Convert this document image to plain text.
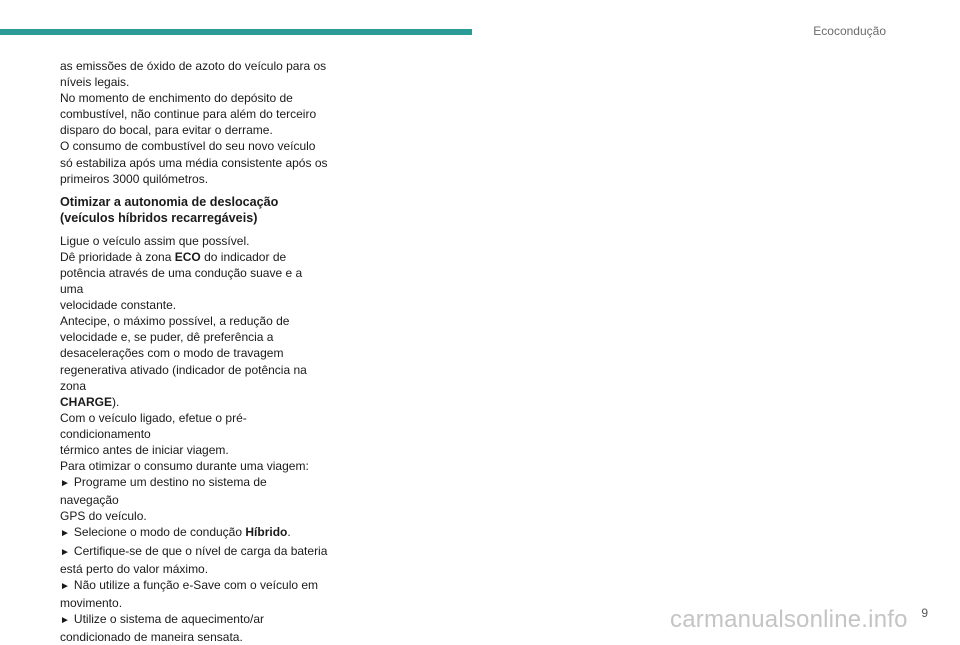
Ecocondução

as emissões de óxido de azoto do veículo para os
níveis legais.
No momento de enchimento do depósito de
combustível, não continue para além do terceiro
disparo do bocal, para evitar o derrame.
O consumo de combustível do seu novo veículo
só estabiliza após uma média consistente após os
primeiros 3000 quilómetros.

Otimizar a autonomia de deslocação
(veículos híbridos recarregáveis)

Ligue o veículo assim que possível.
Dê prioridade à zona ECO do indicador de
potência através de uma condução suave e a uma
velocidade constante.
Antecipe, o máximo possível, a redução de
velocidade e, se puder, dê preferência a
desacelerações com o modo de travagem
regenerativa ativado (indicador de potência na zona
CHARGE).
Com o veículo ligado, efetue o pré-condicionamento
térmico antes de iniciar viagem.
Para otimizar o consumo durante uma viagem:
► Programe um destino no sistema de navegação
GPS do veículo.
► Selecione o modo de condução Híbrido.
► Certifique-se de que o nível de carga da bateria
está perto do valor máximo.
► Não utilize a função e-Save com o veículo em
movimento.
► Utilize o sistema de aquecimento/ar
condicionado de maneira sensata.

carmanualsonline.info 9
